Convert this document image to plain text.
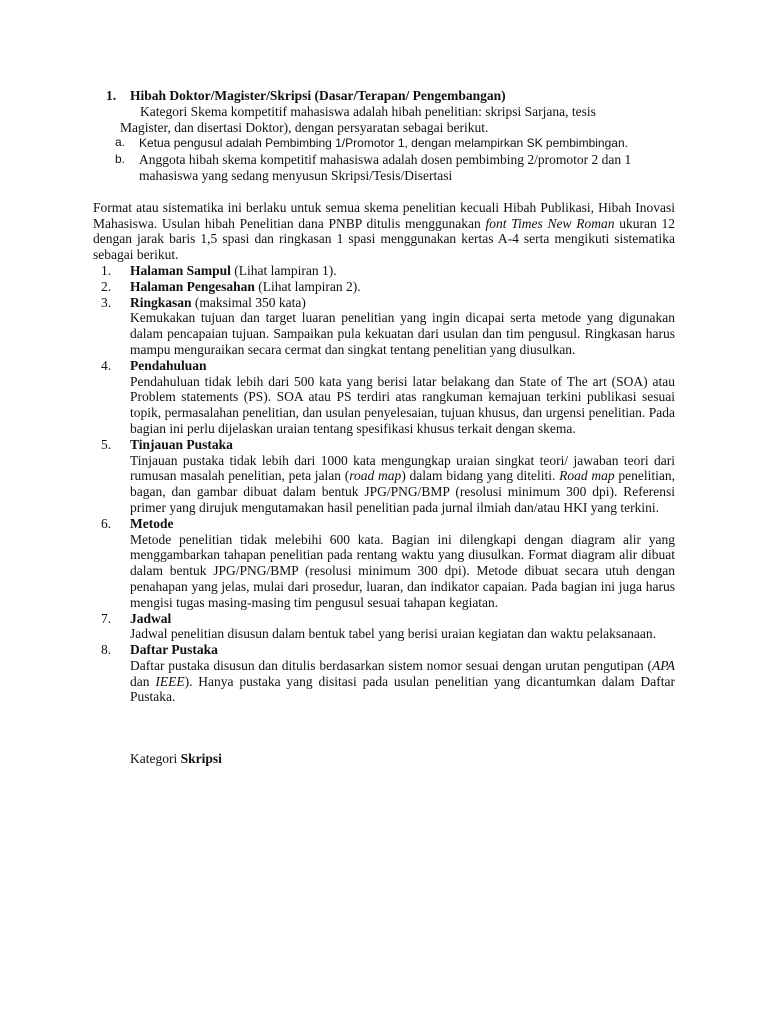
1. Hibah Doktor/Magister/Skripsi (Dasar/Terapan/ Pengembangan)
Kategori Skema kompetitif mahasiswa adalah hibah penelitian: skripsi Sarjana, tesis Magister, dan disertasi Doktor), dengan persyaratan sebagai berikut.
a. Ketua pengusul adalah Pembimbing 1/Promotor 1, dengan melampirkan SK pembimbingan.
b. Anggota hibah skema kompetitif mahasiswa adalah dosen pembimbing 2/promotor 2 dan 1 mahasiswa yang sedang menyusun Skripsi/Tesis/Disertasi
Format atau sistematika ini berlaku untuk semua skema penelitian kecuali Hibah Publikasi, Hibah Inovasi Mahasiswa. Usulan hibah Penelitian dana PNBP ditulis menggunakan font Times New Roman ukuran 12 dengan jarak baris 1,5 spasi dan ringkasan 1 spasi menggunakan kertas A-4 serta mengikuti sistematika sebagai berikut.
1. Halaman Sampul (Lihat lampiran 1).
2. Halaman Pengesahan (Lihat lampiran 2).
3. Ringkasan (maksimal 350 kata)
Kemukakan tujuan dan target luaran penelitian yang ingin dicapai serta metode yang digunakan dalam pencapaian tujuan. Sampaikan pula kekuatan dari usulan dan tim pengusul. Ringkasan harus mampu menguraikan secara cermat dan singkat tentang penelitian yang diusulkan.
4. Pendahuluan
Pendahuluan tidak lebih dari 500 kata yang berisi latar belakang dan State of The art (SOA) atau Problem statements (PS). SOA atau PS terdiri atas rangkuman kemajuan terkini publikasi sesuai topik, permasalahan penelitian, dan usulan penyelesaian, tujuan khusus, dan urgensi penelitian. Pada bagian ini perlu dijelaskan uraian tentang spesifikasi khusus terkait dengan skema.
5. Tinjauan Pustaka
Tinjauan pustaka tidak lebih dari 1000 kata mengungkap uraian singkat teori/ jawaban teori dari rumusan masalah penelitian, peta jalan (road map) dalam bidang yang diteliti. Road map penelitian, bagan, dan gambar dibuat dalam bentuk JPG/PNG/BMP (resolusi minimum 300 dpi). Referensi primer yang dirujuk mengutamakan hasil penelitian pada jurnal ilmiah dan/atau HKI yang terkini.
6. Metode
Metode penelitian tidak melebihi 600 kata. Bagian ini dilengkapi dengan diagram alir yang menggambarkan tahapan penelitian pada rentang waktu yang diusulkan. Format diagram alir dibuat dalam bentuk JPG/PNG/BMP (resolusi minimum 300 dpi). Metode dibuat secara utuh dengan penahapan yang jelas, mulai dari prosedur, luaran, dan indikator capaian. Pada bagian ini juga harus mengisi tugas masing-masing tim pengusul sesuai tahapan kegiatan.
7. Jadwal
Jadwal penelitian disusun dalam bentuk tabel yang berisi uraian kegiatan dan waktu pelaksanaan.
8. Daftar Pustaka
Daftar pustaka disusun dan ditulis berdasarkan sistem nomor sesuai dengan urutan pengutipan (APA dan IEEE). Hanya pustaka yang disitasi pada usulan penelitian yang dicantumkan dalam Daftar Pustaka.
Kategori Skripsi
